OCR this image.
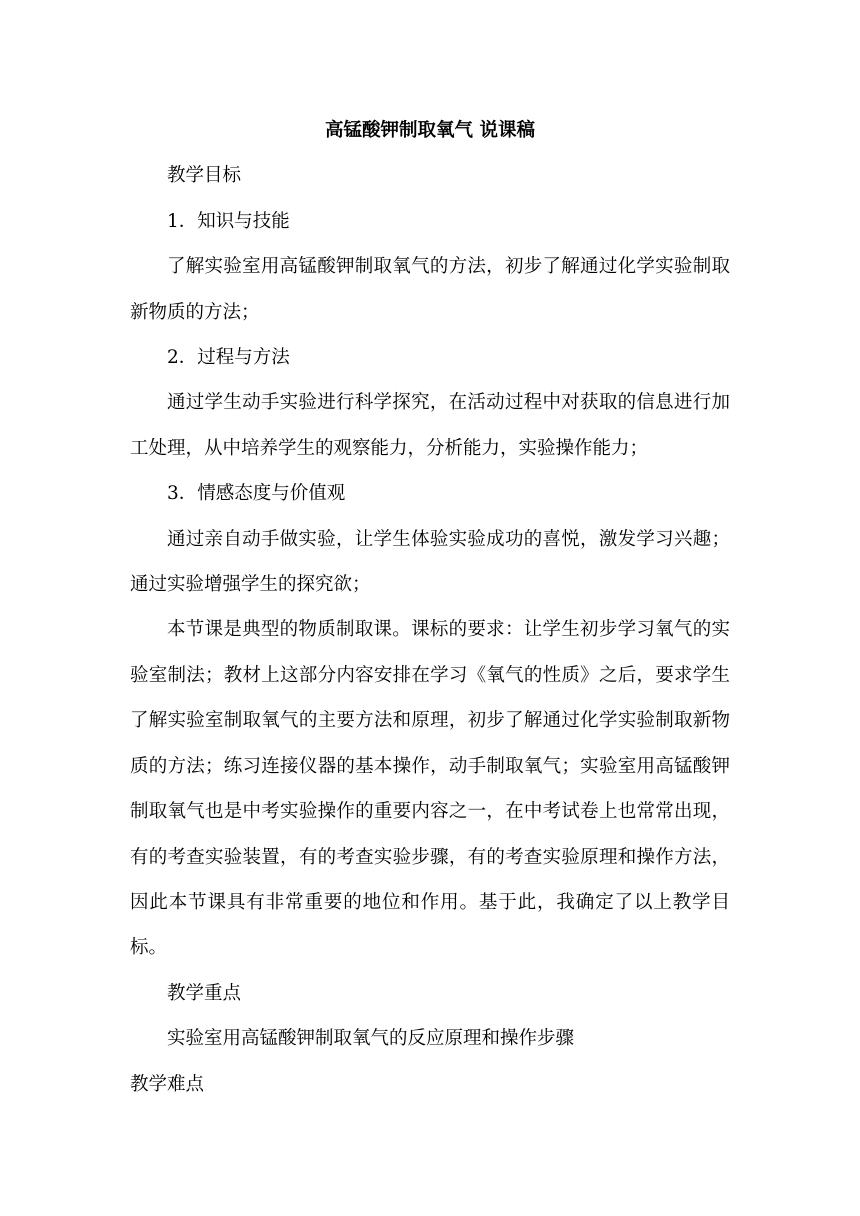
高锰酸钾制取氧气 说课稿

教学目标

1．知识与技能

了解实验室用高锰酸钾制取氧气的方法，初步了解通过化学实验制取新物质的方法；

2．过程与方法

通过学生动手实验进行科学探究，在活动过程中对获取的信息进行加工处理，从中培养学生的观察能力，分析能力，实验操作能力；

3．情感态度与价值观

通过亲自动手做实验，让学生体验实验成功的喜悦，激发学习兴趣；通过实验增强学生的探究欲；

本节课是典型的物质制取课。课标的要求：让学生初步学习氧气的实验室制法；教材上这部分内容安排在学习《氧气的性质》之后，要求学生了解实验室制取氧气的主要方法和原理，初步了解通过化学实验制取新物质的方法；练习连接仪器的基本操作，动手制取氧气；实验室用高锰酸钾制取氧气也是中考实验操作的重要内容之一，在中考试卷上也常常出现，有的考查实验装置，有的考查实验步骤，有的考查实验原理和操作方法，因此本节课具有非常重要的地位和作用。基于此，我确定了以上教学目标。

教学重点

实验室用高锰酸钾制取氧气的反应原理和操作步骤

教学难点
